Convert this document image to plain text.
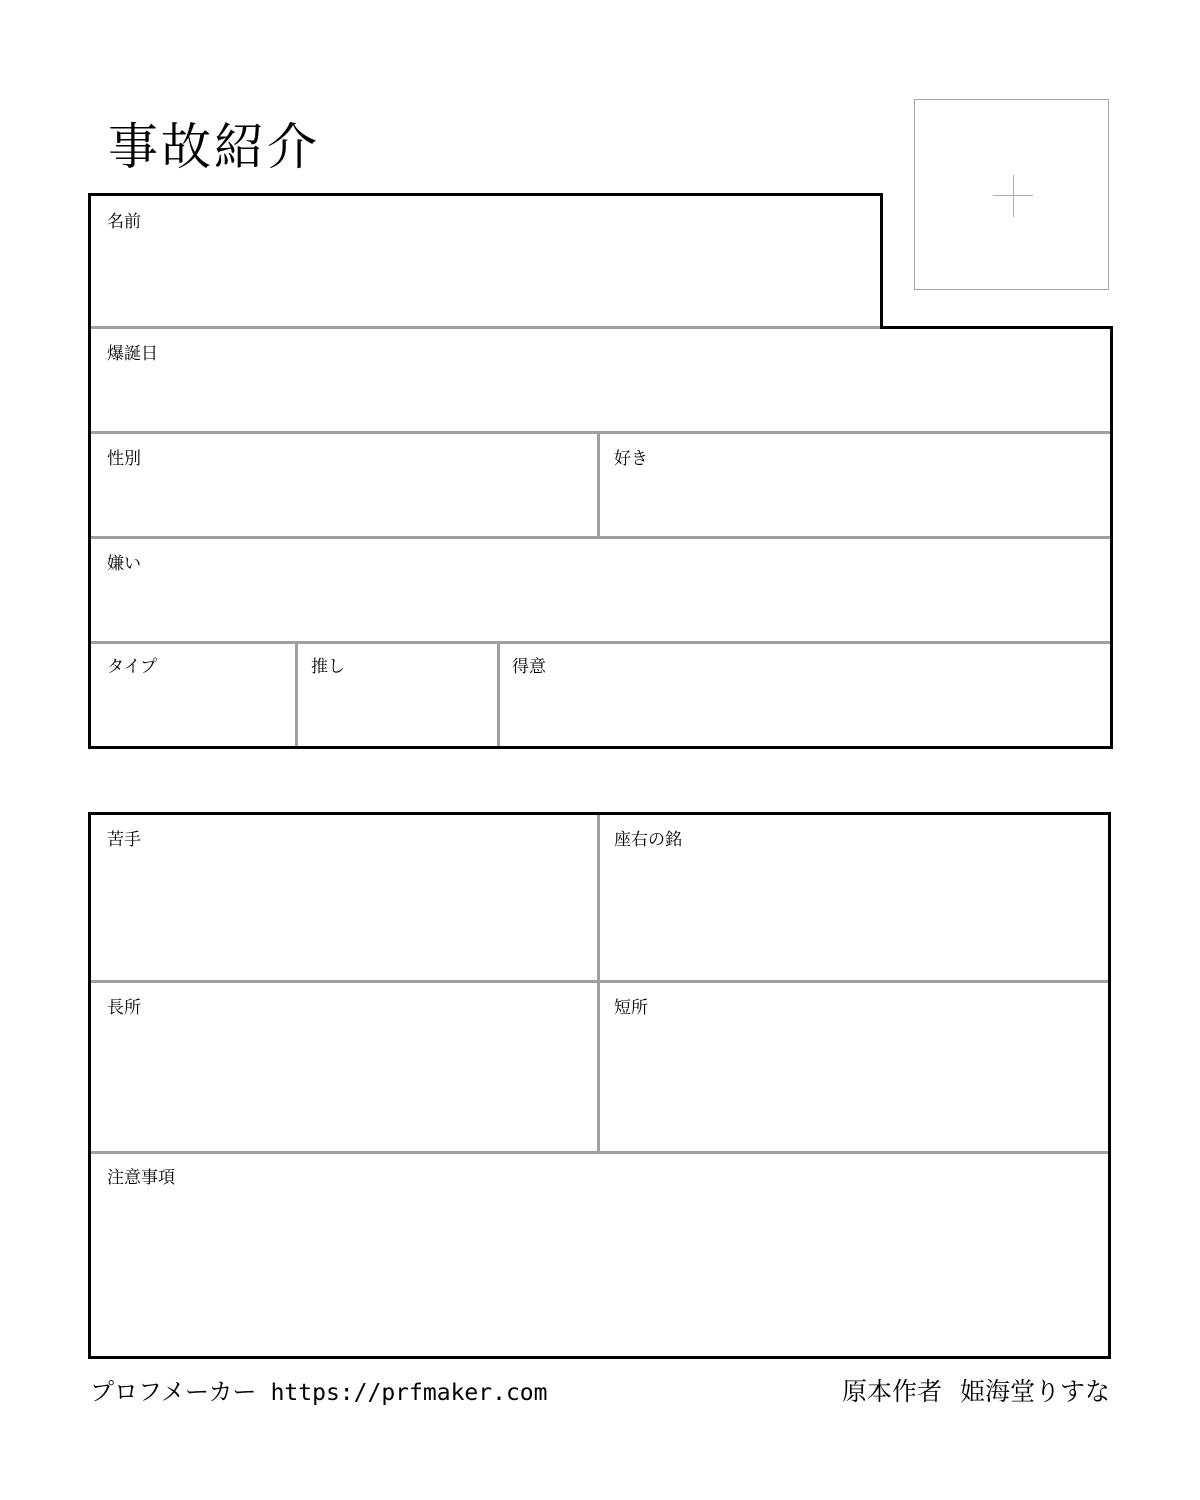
事故紹介
名前
爆誕日
性別	好き
嫌い
タイプ	推し	得意
苦手	座右の銘
長所	短所
注意事項
プロフメーカー https://prfmaker.com	原本作者 姫海堂りすな
